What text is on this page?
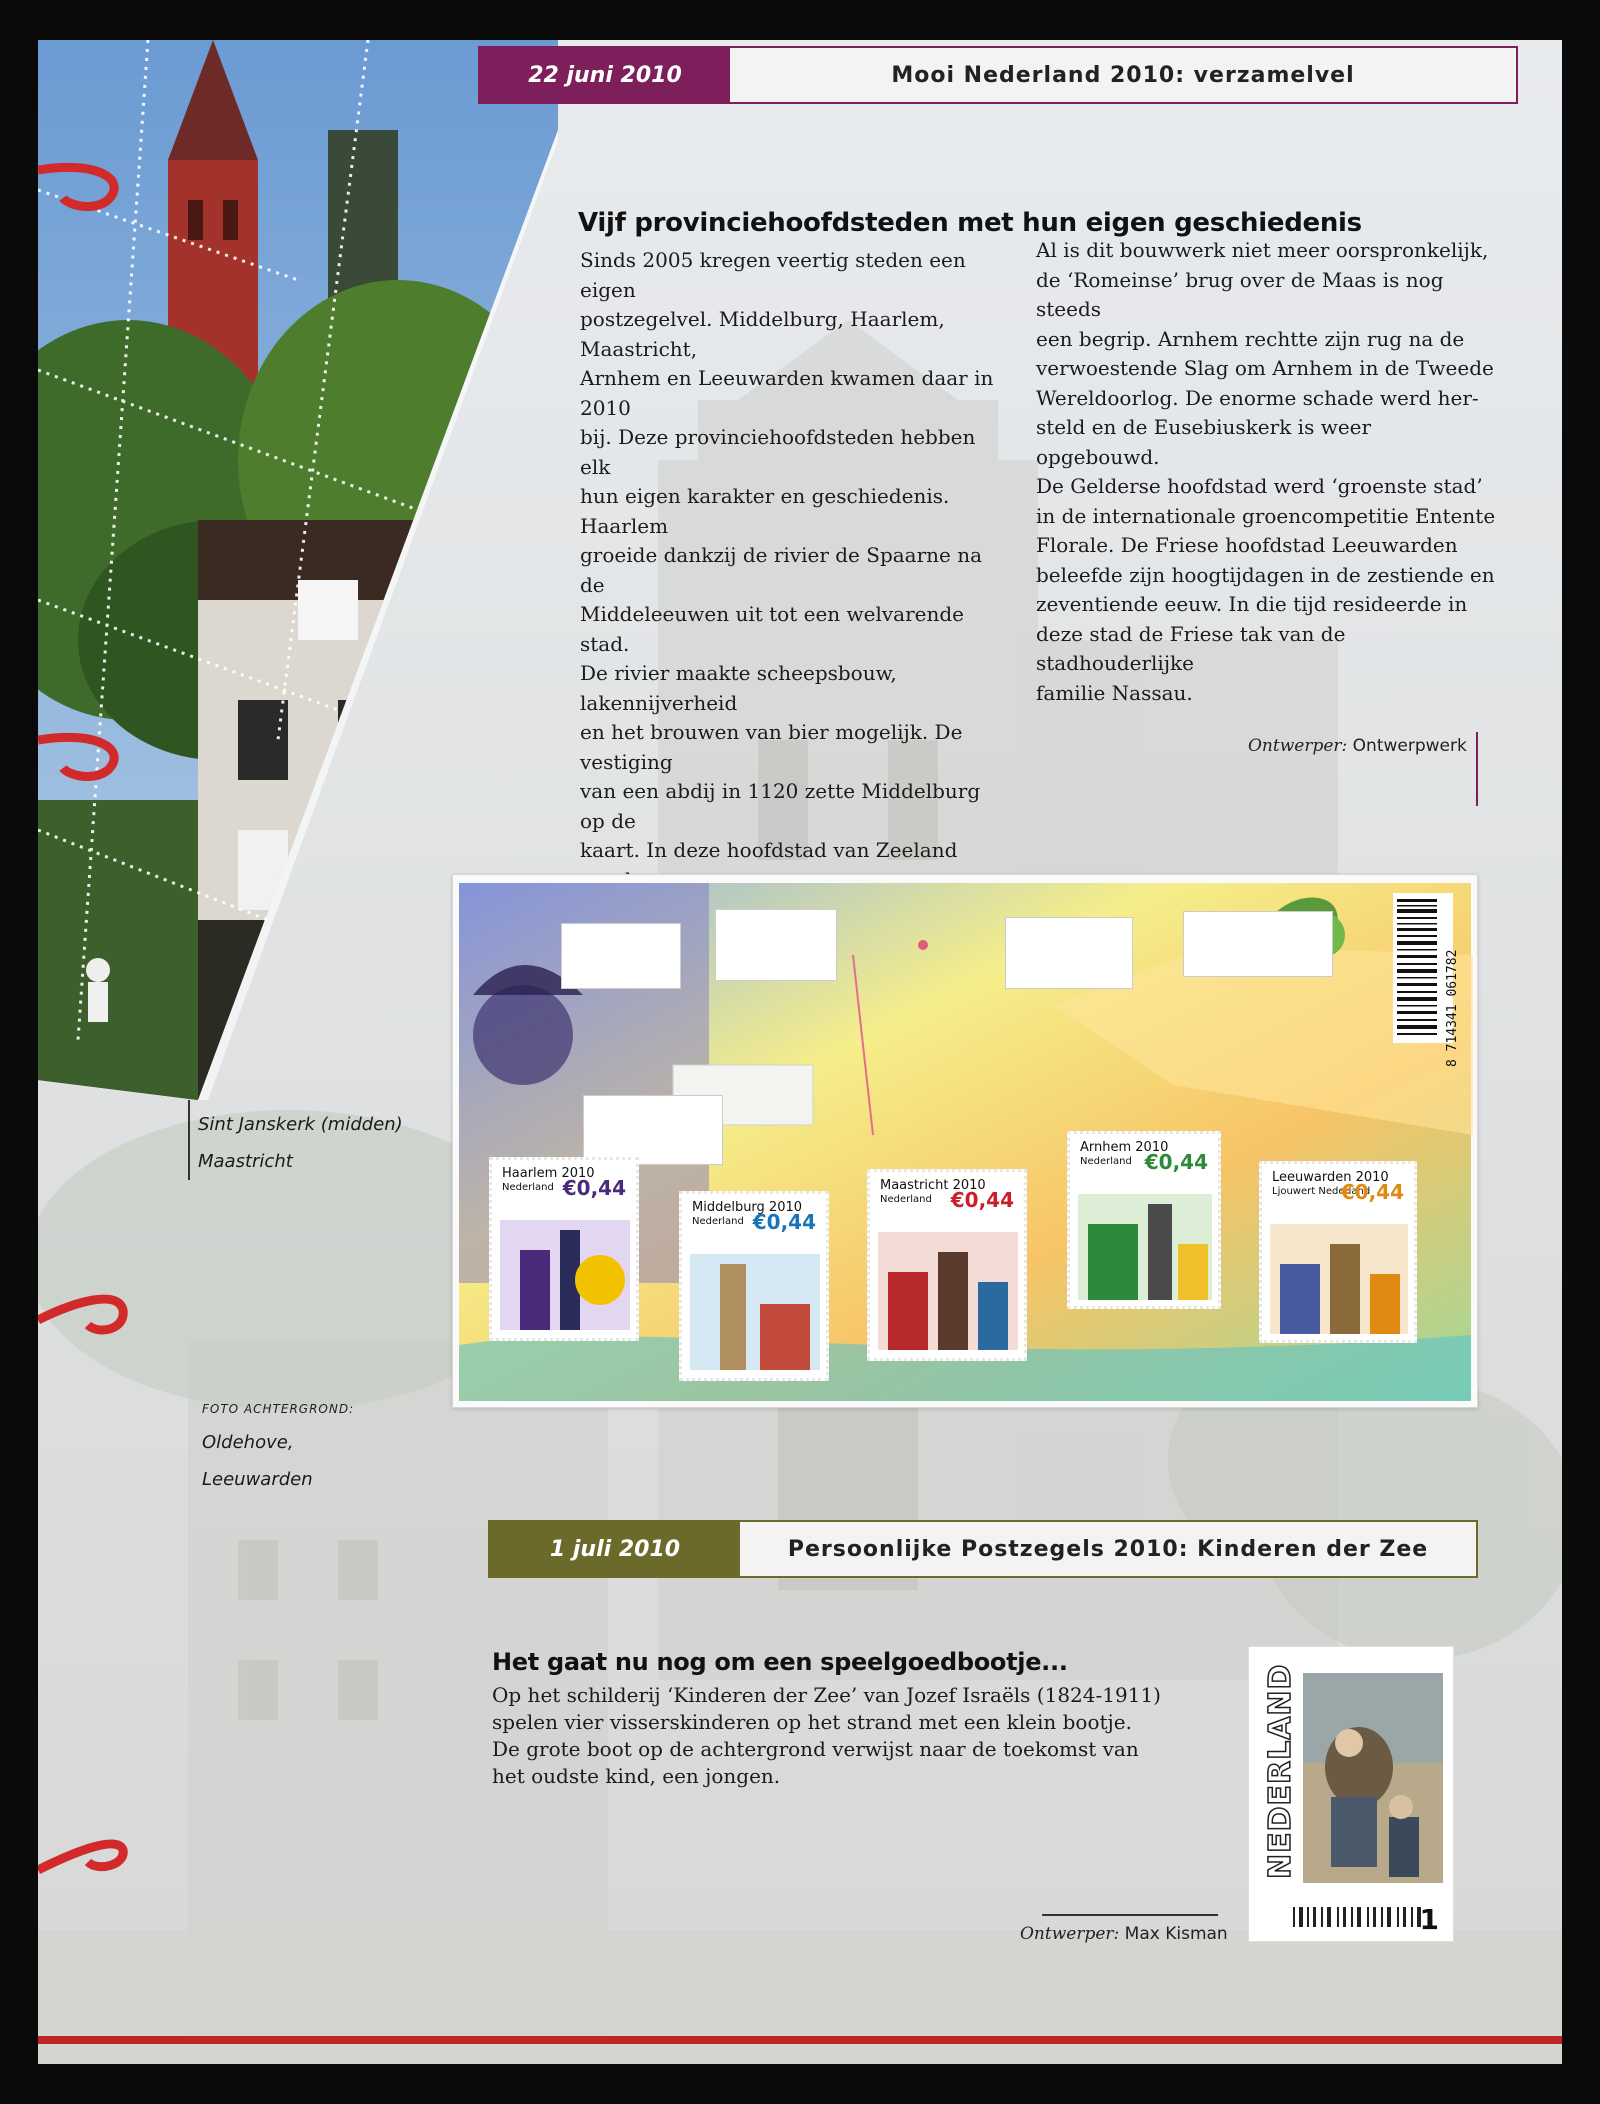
22 juni 2010	Mooi Nederland 2010: verzamelvel
Vijf provinciehoofdsteden met hun eigen geschiedenis
Sinds 2005 kregen veertig steden een eigen
postzegelvel. Middelburg, Haarlem, Maastricht,
Arnhem en Leeuwarden kwamen daar in 2010
bij. Deze provinciehoofdsteden hebben elk
hun eigen karakter en geschiedenis. Haarlem
groeide dankzij de rivier de Spaarne na de
Middeleeuwen uit tot een welvarende stad.
De rivier maakte scheepsbouw, lakennijverheid
en het brouwen van bier mogelijk. De vestiging
van een abdij in 1120 zette Middelburg op de
kaart. In deze hoofdstad van Zeeland
Al is dit bouwwerk niet meer oorspronkelijk,
de ‘Romeinse’ brug over de Maas is nog steeds
een begrip. Arnhem rechtte zijn rug na de
verwoestende Slag om Arnhem in de Tweede
Wereldoorlog. De enorme schade werd her-
steld en de Eusebiuskerk is weer opgebouwd.
De Gelderse hoofdstad werd ‘groenste stad’
in de internationale groencompetitie Entente
Florale. De Friese hoofdstad Leeuwarden
beleefde zijn hoogtijdagen in de zestiende en
zeventiende eeuw. In die tijd resideerde in
deze stad de Friese tak van de stadhouderlijke
familie Nassau.
Ontwerper: Ontwerpwerk
Sint Janskerk (midden)
Maastricht
FOTO ACHTERGROND:
Oldehove,
Leeuwarden
8 714341 061782
Haarlem 2010
Nederland €0,44
Middelburg 2010
Nederland €0,44
Maastricht 2010
Nederland €0,44
Arnhem 2010
Nederland €0,44
Leeuwarden 2010
Ljouwert Nederland
€0,44
1 juli 2010	Persoonlijke Postzegels 2010: Kinderen der Zee
Het gaat nu nog om een speelgoedbootje...
Op het schilderij ‘Kinderen der Zee’ van Jozef Israëls (1824-1911)
spelen vier visserskinderen op het strand met een klein bootje.
De grote boot op de achtergrond verwijst naar de toekomst van
het oudste kind, een jongen.
Ontwerper: Max Kisman
NEDERLAND
1
